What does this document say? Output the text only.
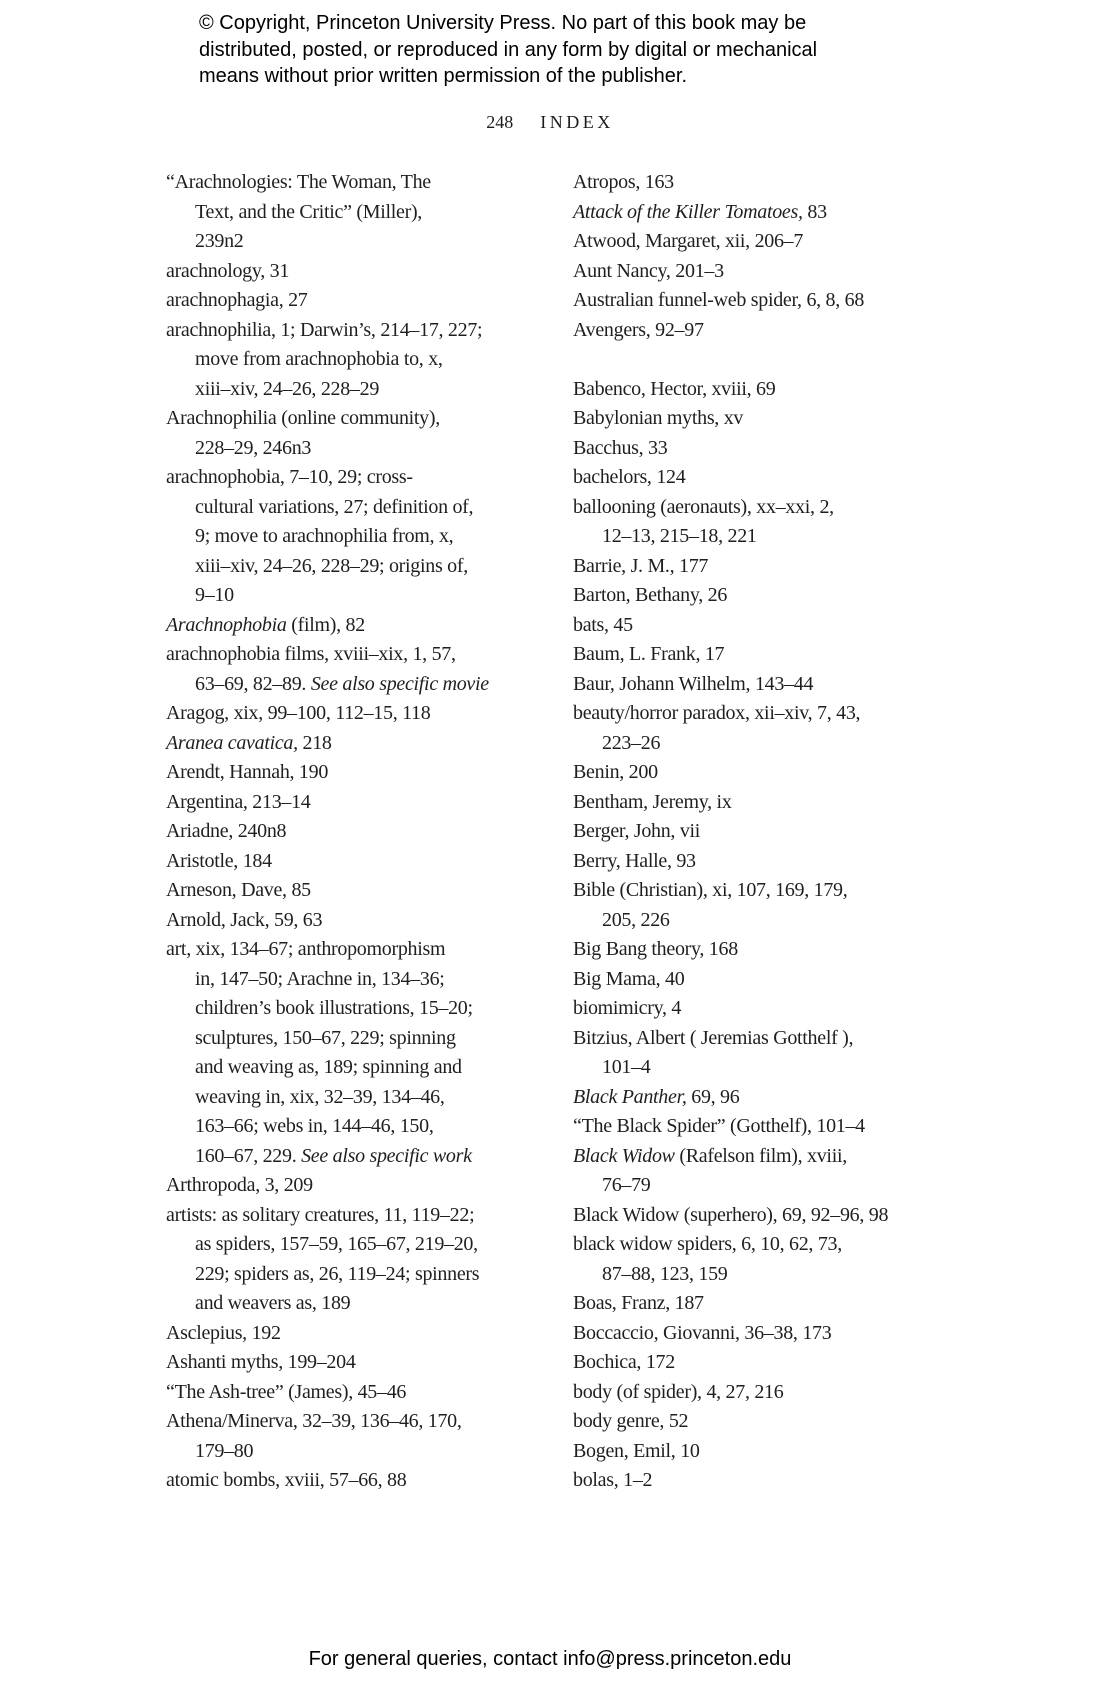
© Copyright, Princeton University Press. No part of this book may be
distributed, posted, or reproduced in any form by digital or mechanical
means without prior written permission of the publisher.
248 INDEX
“Arachnologies: The Woman, The
Text, and the Critic” (Miller),
239n2
arachnology, 31
arachnophagia, 27
arachnophilia, 1; Darwin’s, 214–17, 227;
move from arachnophobia to, x,
xiii–xiv, 24–26, 228–29
Arachnophilia (online community),
228–29, 246n3
arachnophobia, 7–10, 29; cross-
cultural variations, 27; definition of,
9; move to arachnophilia from, x,
xiii–xiv, 24–26, 228–29; origins of,
9–10
Arachnophobia (film), 82
arachnophobia films, xviii–xix, 1, 57,
63–69, 82–89. See also specific movie
Aragog, xix, 99–100, 112–15, 118
Aranea cavatica, 218
Arendt, Hannah, 190
Argentina, 213–14
Ariadne, 240n8
Aristotle, 184
Arneson, Dave, 85
Arnold, Jack, 59, 63
art, xix, 134–67; anthropomorphism
in, 147–50; Arachne in, 134–36;
children’s book illustrations, 15–20;
sculptures, 150–67, 229; spinning
and weaving as, 189; spinning and
weaving in, xix, 32–39, 134–46,
163–66; webs in, 144–46, 150,
160–67, 229. See also specific work
Arthropoda, 3, 209
artists: as solitary creatures, 11, 119–22;
as spiders, 157–59, 165–67, 219–20,
229; spiders as, 26, 119–24; spinners
and weavers as, 189
Asclepius, 192
Ashanti myths, 199–204
“The Ash-tree” (James), 45–46
Athena/Minerva, 32–39, 136–46, 170,
179–80
atomic bombs, xviii, 57–66, 88
Atropos, 163
Attack of the Killer Tomatoes, 83
Atwood, Margaret, xii, 206–7
Aunt Nancy, 201–3
Australian funnel-web spider, 6, 8, 68
Avengers, 92–97
Babenco, Hector, xviii, 69
Babylonian myths, xv
Bacchus, 33
bachelors, 124
ballooning (aeronauts), xx–xxi, 2,
12–13, 215–18, 221
Barrie, J. M., 177
Barton, Bethany, 26
bats, 45
Baum, L. Frank, 17
Baur, Johann Wilhelm, 143–44
beauty/horror paradox, xii–xiv, 7, 43,
223–26
Benin, 200
Bentham, Jeremy, ix
Berger, John, vii
Berry, Halle, 93
Bible (Christian), xi, 107, 169, 179,
205, 226
Big Bang theory, 168
Big Mama, 40
biomimicry, 4
Bitzius, Albert ( Jeremias Gotthelf ),
101–4
Black Panther, 69, 96
“The Black Spider” (Gotthelf), 101–4
Black Widow (Rafelson film), xviii,
76–79
Black Widow (superhero), 69, 92–96, 98
black widow spiders, 6, 10, 62, 73,
87–88, 123, 159
Boas, Franz, 187
Boccaccio, Giovanni, 36–38, 173
Bochica, 172
body (of spider), 4, 27, 216
body genre, 52
Bogen, Emil, 10
bolas, 1–2
For general queries, contact info@press.princeton.edu
